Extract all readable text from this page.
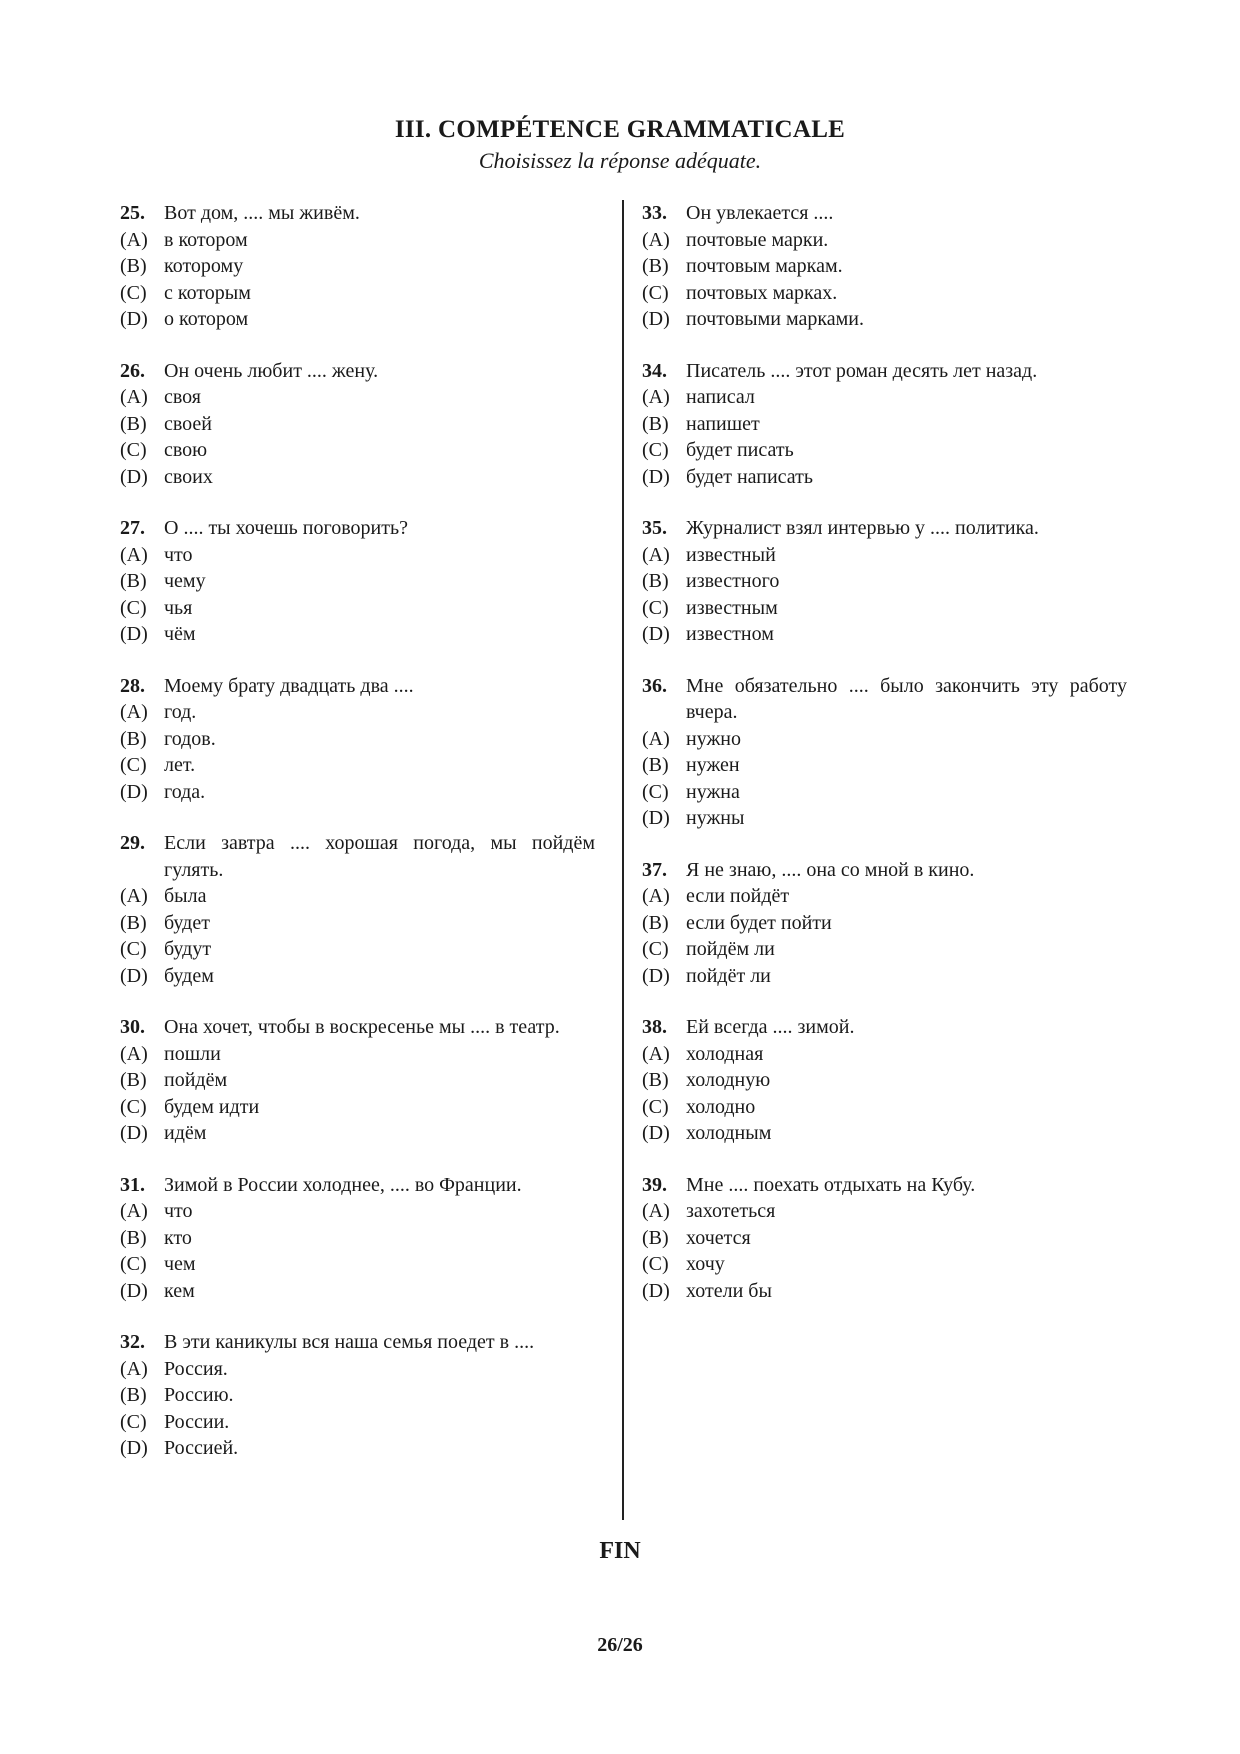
III. COMPÉTENCE GRAMMATICALE
Choisissez la réponse adéquate.
25. Вот дом, .... мы живём.
(A) в котором
(B) которому
(C) с которым
(D) о котором
26. Он очень любит .... жену.
(A) своя
(B) своей
(C) свою
(D) своих
27. О .... ты хочешь поговорить?
(A) что
(B) чему
(C) чья
(D) чём
28. Моему брату двадцать два ....
(A) год.
(B) годов.
(C) лет.
(D) года.
29. Если завтра .... хорошая погода, мы пойдём гулять.
(A) была
(B) будет
(C) будут
(D) будем
30. Она хочет, чтобы в воскресенье мы .... в театр.
(A) пошли
(B) пойдём
(C) будем идти
(D) идём
31. Зимой в России холоднее, .... во Франции.
(A) что
(B) кто
(C) чем
(D) кем
32. В эти каникулы вся наша семья поедет в ....
(A) Россия.
(B) Россию.
(C) России.
(D) Россией.
33. Он увлекается ....
(A) почтовые марки.
(B) почтовым маркам.
(C) почтовых марках.
(D) почтовыми марками.
34. Писатель .... этот роман десять лет назад.
(A) написал
(B) напишет
(C) будет писать
(D) будет написать
35. Журналист взял интервью у .... политика.
(A) известный
(B) известного
(C) известным
(D) известном
36. Мне обязательно .... было закончить эту работу вчера.
(A) нужно
(B) нужен
(C) нужна
(D) нужны
37. Я не знаю, .... она со мной в кино.
(A) если пойдёт
(B) если будет пойти
(C) пойдём ли
(D) пойдёт ли
38. Ей всегда .... зимой.
(A) холодная
(B) холодную
(C) холодно
(D) холодным
39. Мне .... поехать отдыхать на Кубу.
(A) захотеться
(B) хочется
(C) хочу
(D) хотели бы
FIN
26/26
